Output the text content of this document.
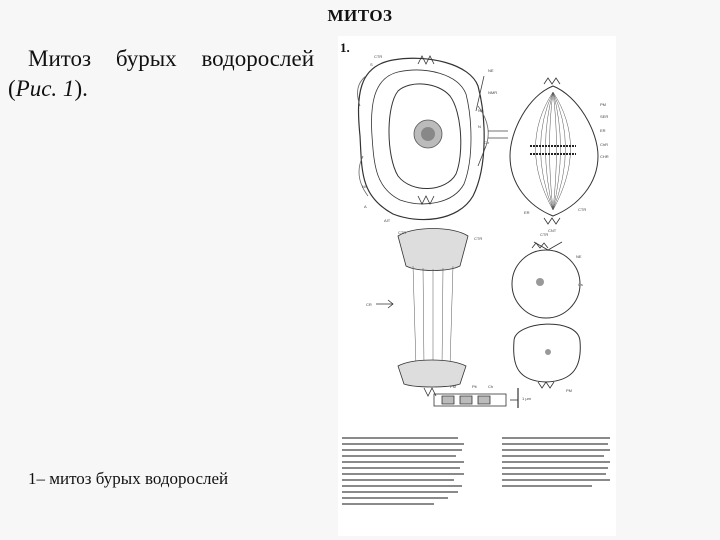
МИТОЗ
Митоз бурых водорослей
(Рис. 1).
1– митоз бурых водорослей
CTR
S
NE
NMR
NS
N
Ch
NS
A
PM
SER
ER
ChR
CHR
CTR
ER
CNT
AIT
CTR
CR
CTR
CTR
NE
Cs
PM
PM	Pit	Ch
1 µm
1.
